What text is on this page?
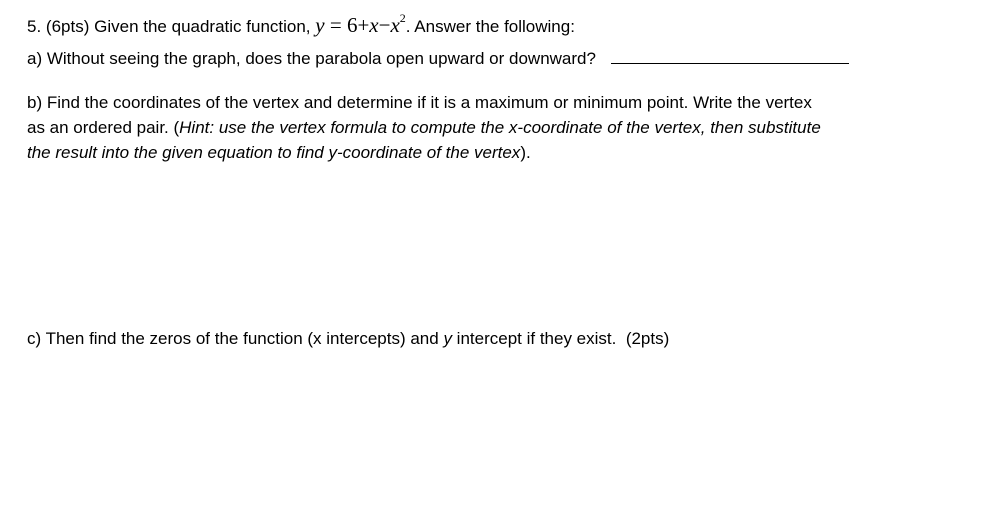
5. (6pts) Given the quadratic function, $y = 6+x-x^2$. Answer the following:
a) Without seeing the graph, does the parabola open upward or downward?
b) Find the coordinates of the vertex and determine if it is a maximum or minimum point. Write the vertex
as an ordered pair. (Hint: use the vertex formula to compute the x-coordinate of the vertex, then substitute
the result into the given equation to find y-coordinate of the vertex).
c) Then find the zeros of the function (x intercepts) and y intercept if they exist. (2pts)
